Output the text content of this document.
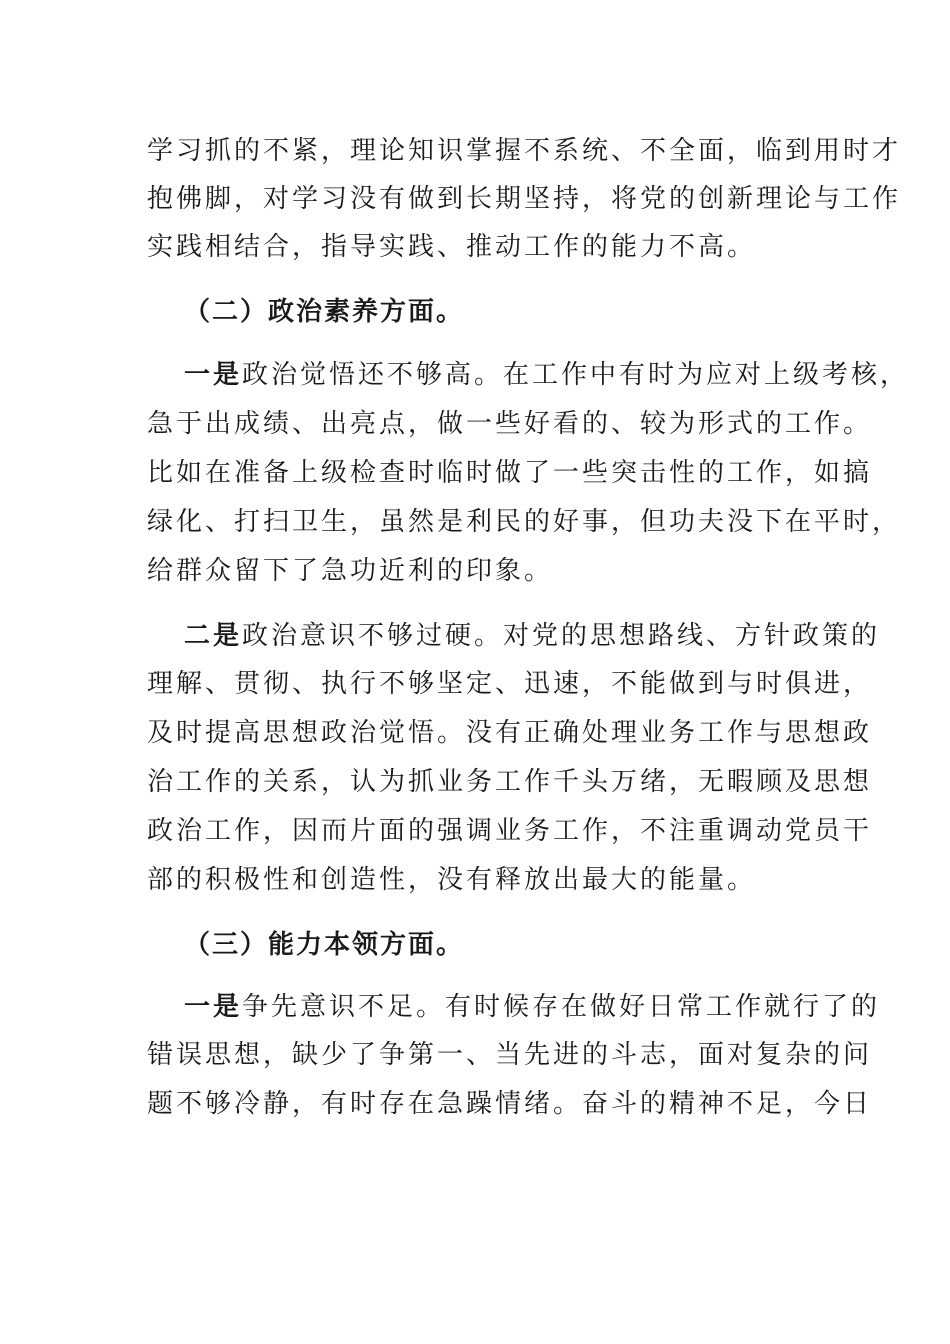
学习抓的不紧，理论知识掌握不系统、不全面，临到用时才

抱佛脚，对学习没有做到长期坚持，将党的创新理论与工作

实践相结合，指导实践、推动工作的能力不高。

（二）政治素养方面。

一是政治觉悟还不够高。在工作中有时为应对上级考核，

急于出成绩、出亮点，做一些好看的、较为形式的工作。

比如在准备上级检查时临时做了一些突击性的工作，如搞

绿化、打扫卫生，虽然是利民的好事，但功夫没下在平时，

给群众留下了急功近利的印象。

二是政治意识不够过硬。对党的思想路线、方针政策的

理解、贯彻、执行不够坚定、迅速，不能做到与时俱进，

及时提高思想政治觉悟。没有正确处理业务工作与思想政

治工作的关系，认为抓业务工作千头万绪，无暇顾及思想

政治工作，因而片面的强调业务工作，不注重调动党员干

部的积极性和创造性，没有释放出最大的能量。

（三）能力本领方面。

一是争先意识不足。有时候存在做好日常工作就行了的

错误思想，缺少了争第一、当先进的斗志，面对复杂的问

题不够冷静，有时存在急躁情绪。奋斗的精神不足，今日
